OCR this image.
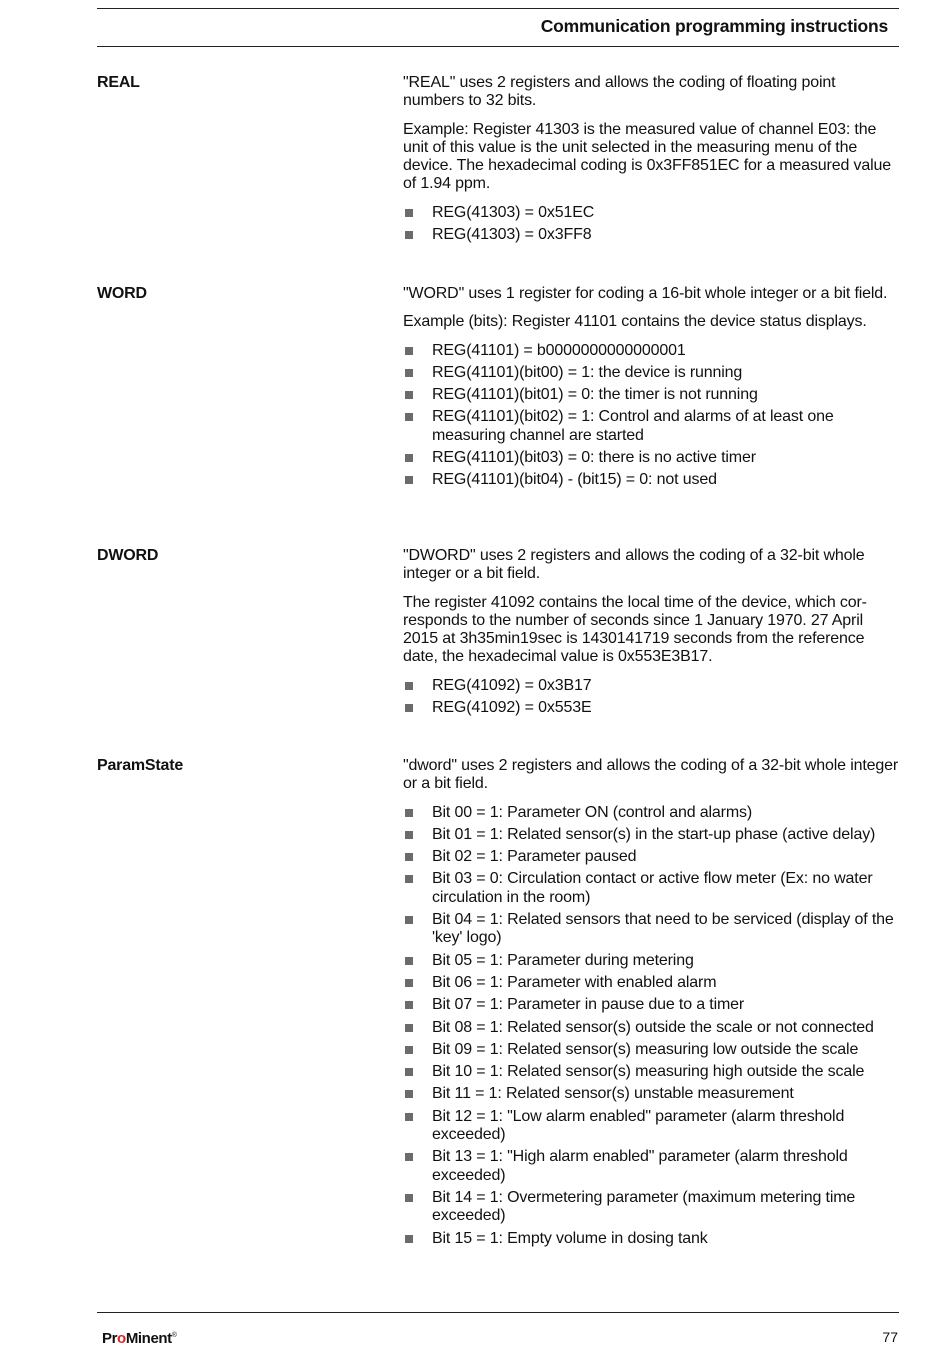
Communication programming instructions
REAL	"REAL" uses 2 registers and allows the coding of floating point numbers to 32 bits.

Example: Register 41303 is the measured value of channel E03: the unit of this value is the unit selected in the measuring menu of the device. The hexadecimal coding is 0x3FF851EC for a measured value of 1.94 ppm.

REG(41303) = 0x51EC
REG(41303) = 0x3FF8
WORD	"WORD" uses 1 register for coding a 16-bit whole integer or a bit field.

Example (bits): Register 41101 contains the device status displays.

REG(41101) = b0000000000000001
REG(41101)(bit00) = 1: the device is running
REG(41101)(bit01) = 0: the timer is not running
REG(41101)(bit02) = 1: Control and alarms of at least one measuring channel are started
REG(41101)(bit03) = 0: there is no active timer
REG(41101)(bit04) - (bit15) = 0: not used
DWORD	"DWORD" uses 2 registers and allows the coding of a 32-bit whole integer or a bit field.

The register 41092 contains the local time of the device, which corresponds to the number of seconds since 1 January 1970. 27 April 2015 at 3h35min19sec is 1430141719 seconds from the reference date, the hexadecimal value is 0x553E3B17.

REG(41092) = 0x3B17
REG(41092) = 0x553E
ParamState	"dword" uses 2 registers and allows the coding of a 32-bit whole integer or a bit field.

Bit 00 = 1: Parameter ON (control and alarms)
Bit 01 = 1: Related sensor(s) in the start-up phase (active delay)
Bit 02 = 1: Parameter paused
Bit 03 = 0: Circulation contact or active flow meter (Ex: no water circulation in the room)
Bit 04 = 1: Related sensors that need to be serviced (display of the 'key' logo)
Bit 05 = 1: Parameter during metering
Bit 06 = 1: Parameter with enabled alarm
Bit 07 = 1: Parameter in pause due to a timer
Bit 08 = 1: Related sensor(s) outside the scale or not connected
Bit 09 = 1: Related sensor(s) measuring low outside the scale
Bit 10 = 1: Related sensor(s) measuring high outside the scale
Bit 11 = 1: Related sensor(s) unstable measurement
Bit 12 = 1: "Low alarm enabled" parameter (alarm threshold exceeded)
Bit 13 = 1: "High alarm enabled" parameter (alarm threshold exceeded)
Bit 14 = 1: Overmetering parameter (maximum metering time exceeded)
Bit 15 = 1: Empty volume in dosing tank
ProMinent®	77
